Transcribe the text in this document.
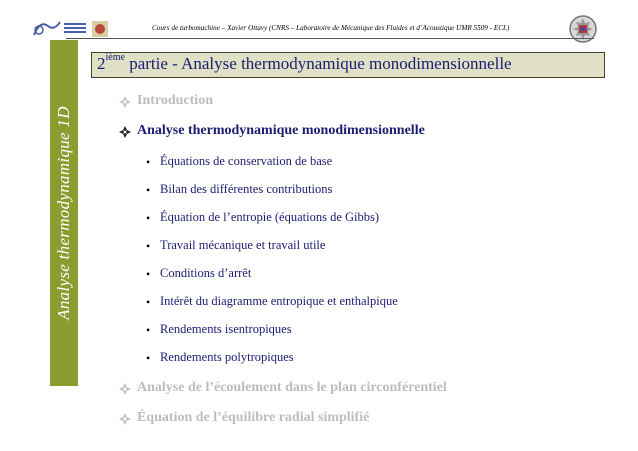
Cours de turbomachine – Xavier Ottavy (CNRS – Laboratoire de Mécanique des Fluides et d’Acoustique UMR 5509 - ECL)
Analyse thermodynamique 1D
2ième partie - Analyse thermodynamique monodimensionnelle
Introduction
Analyse thermodynamique monodimensionnelle
• Équations de conservation de base
• Bilan des différentes contributions
• Équation de l’entropie (équations de Gibbs)
• Travail mécanique et travail utile
• Conditions d’arrêt
• Intérêt du diagramme entropique et enthalpique
• Rendements isentropiques
• Rendements polytropiques
Analyse de l’écoulement dans le plan circonférentiel
Équation de l’équilibre radial simplifié
